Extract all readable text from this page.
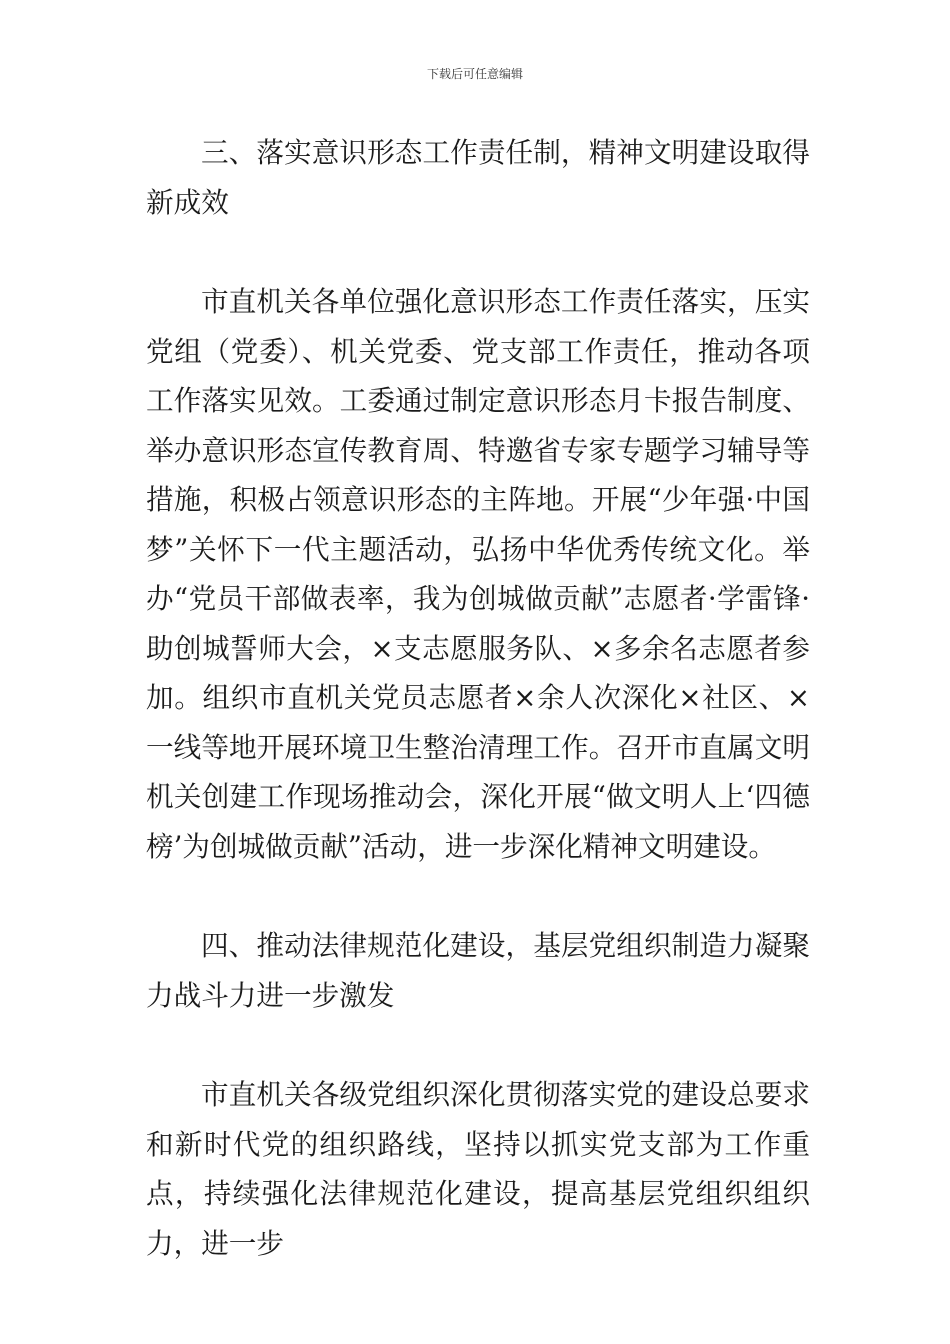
下载后可任意编辑

三、落实意识形态工作责任制，精神文明建设取得新成效

市直机关各单位强化意识形态工作责任落实，压实党组（党委）、机关党委、党支部工作责任，推动各项工作落实见效。工委通过制定意识形态月卡报告制度、举办意识形态宣传教育周、特邀省专家专题学习辅导等措施，积极占领意识形态的主阵地。开展“少年强·中国梦”关怀下一代主题活动，弘扬中华优秀传统文化。举办“党员干部做表率，我为创城做贡献”志愿者·学雷锋·助创城誓师大会，×支志愿服务队、×多余名志愿者参加。组织市直机关党员志愿者×余人次深化×社区、×一线等地开展环境卫生整治清理工作。召开市直属文明机关创建工作现场推动会，深化开展“做文明人上‘四德榜’为创城做贡献”活动，进一步深化精神文明建设。

四、推动法律规范化建设，基层党组织制造力凝聚力战斗力进一步激发

市直机关各级党组织深化贯彻落实党的建设总要求和新时代党的组织路线，坚持以抓实党支部为工作重点，持续强化法律规范化建设，提高基层党组织组织力，进一步
